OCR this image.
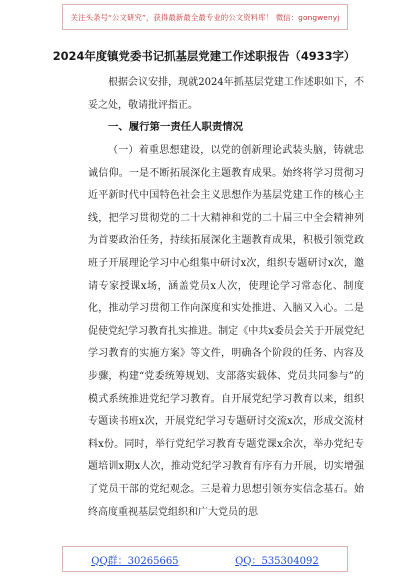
关注头条号“公文研究”，获得最新最全最专业的公文资料库！ 微信：gongwenyj
2024年度镇党委书记抓基层党建工作述职报告（4933字）
根据会议安排，现就2024年抓基层党建工作述职如下，不妥之处，敬请批评指正。
一、履行第一责任人职责情况
（一）着重思想建设，以党的创新理论武装头脑，铸就忠诚信仰。一是不断拓展深化主题教育成果。始终将学习贯彻习近平新时代中国特色社会主义思想作为基层党建工作的核心主线，把学习贯彻党的二十大精神和党的二十届三中全会精神列为首要政治任务，持续拓展深化主题教育成果，积极引领党政班子开展理论学习中心组集中研讨x次，组织专题研讨x次，邀请专家授课x场，涵盖党员x人次，使理论学习常态化、制度化，推动学习贯彻工作向深度和实处推进、入脑又入心。二是促使党纪学习教育扎实推进。制定《中共x委员会关于开展党纪学习教育的实施方案》等文件，明确各个阶段的任务、内容及步骤，构建“党委统筹规划、支部落实载体、党员共同参与”的模式系统推进党纪学习教育。自开展党纪学习教育以来，组织专题读书班x次，开展党纪学习专题研讨交流x次，形成交流材料x份。同时，举行党纪学习教育专题党课x余次，举办党纪专题培训x期x人次，推动党纪学习教育有序有力开展，切实增强了党员干部的党纪观念。三是着力思想引领夯实信念基石。始终高度重视基层党组织和广大党员的思
QQ群：30265665	QQ：535304092
